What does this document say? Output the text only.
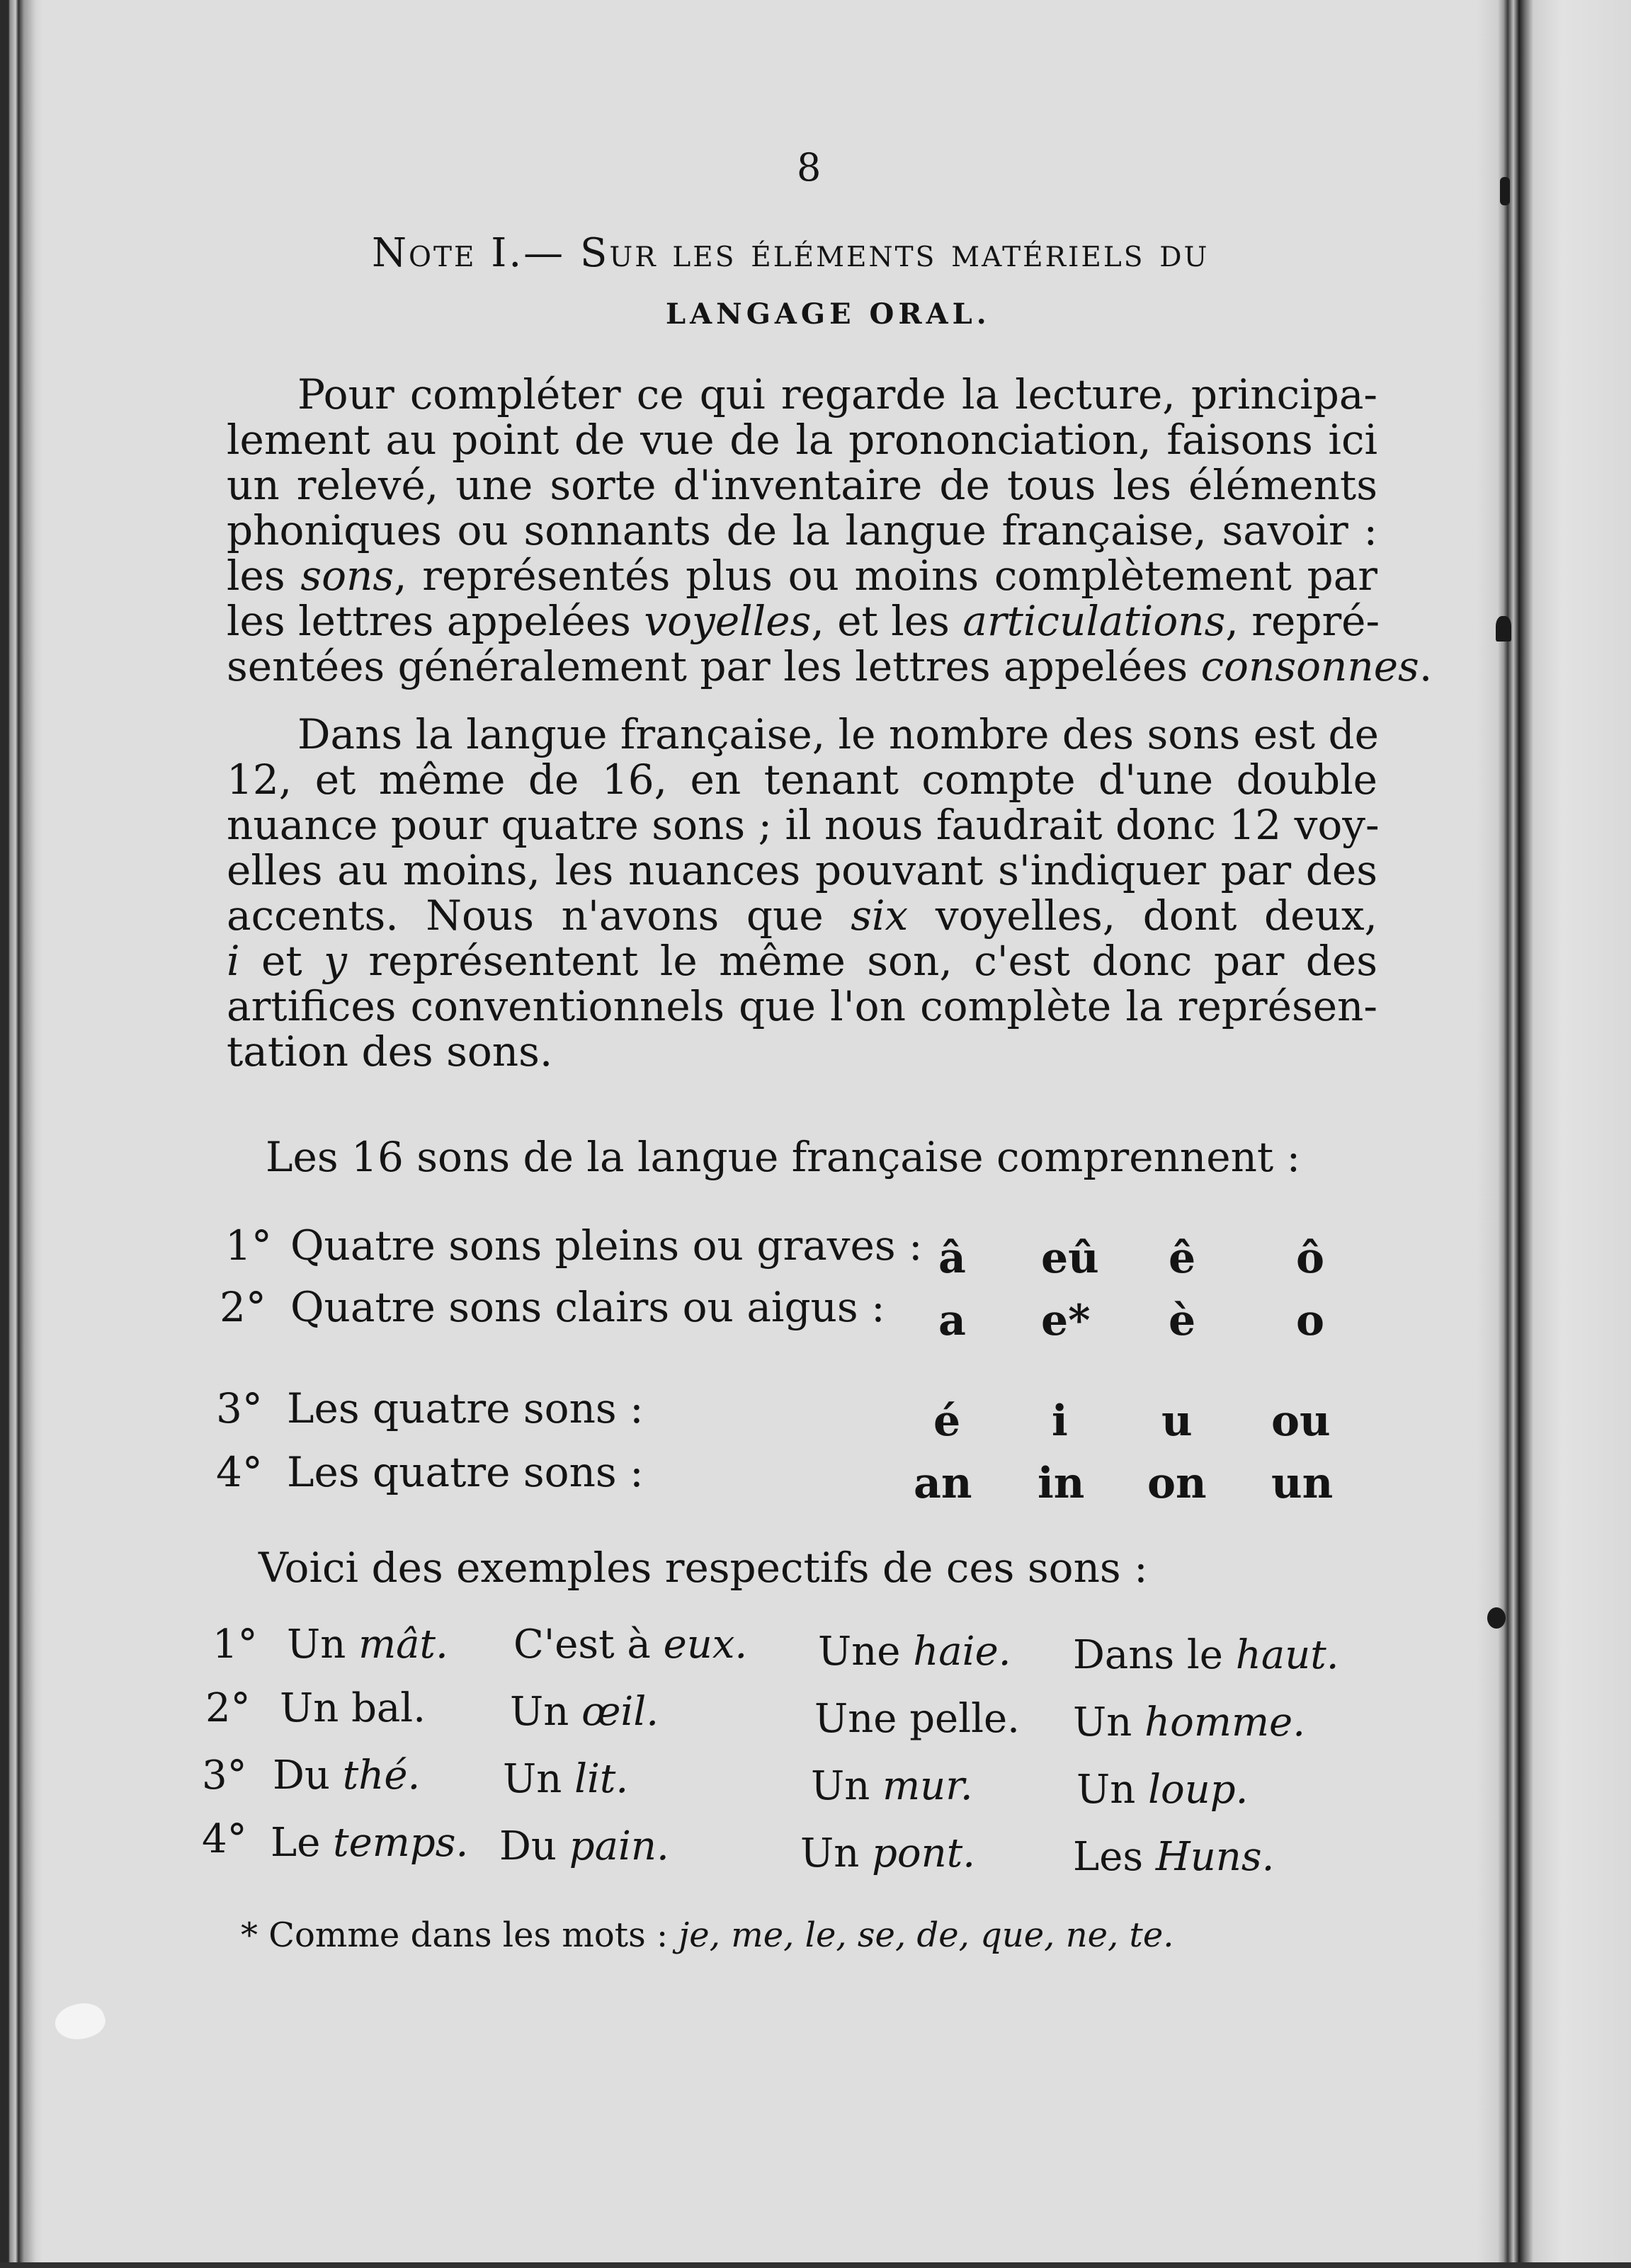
8
Note I.— Sur les éléments matériels du
LANGAGE ORAL.
Pour compléter ce qui regarde la lecture, principa-
lement au point de vue de la prononciation, faisons ici
un relevé, une sorte d'inventaire de tous les éléments
phoniques ou sonnants de la langue française, savoir :
les sons, représentés plus ou moins complètement par
les lettres appelées voyelles, et les articulations, repré-
sentées généralement par les lettres appelées consonnes.
Dans la langue française, le nombre des sons est de
12, et même de 16, en tenant compte d'une double
nuance pour quatre sons ; il nous faudrait donc 12 voy-
elles au moins, les nuances pouvant s'indiquer par des
accents. Nous n'avons que six voyelles, dont deux,
i et y représentent le même son, c'est donc par des
artifices conventionnels que l'on complète la représen-
tation des sons.
Les 16 sons de la langue française comprennent :
1° Quatre sons pleins ou graves : â eû ê ô
2° Quatre sons clairs ou aigus : a e* è o
3° Les quatre sons :	é i u ou
4° Les quatre sons :	an in on un
Voici des exemples respectifs de ces sons :
1° Un mât. C'est à eux. Une haie. Dans le haut.
2° Un bal. Un œil.	Une pelle. Un homme.
3° Du thé. Un lit.	Un mur.	Un loup.
4° Le temps. Du pain.	Un pont. Les Huns.
* Comme dans les mots : je, me, le, se, de, que, ne, te.
